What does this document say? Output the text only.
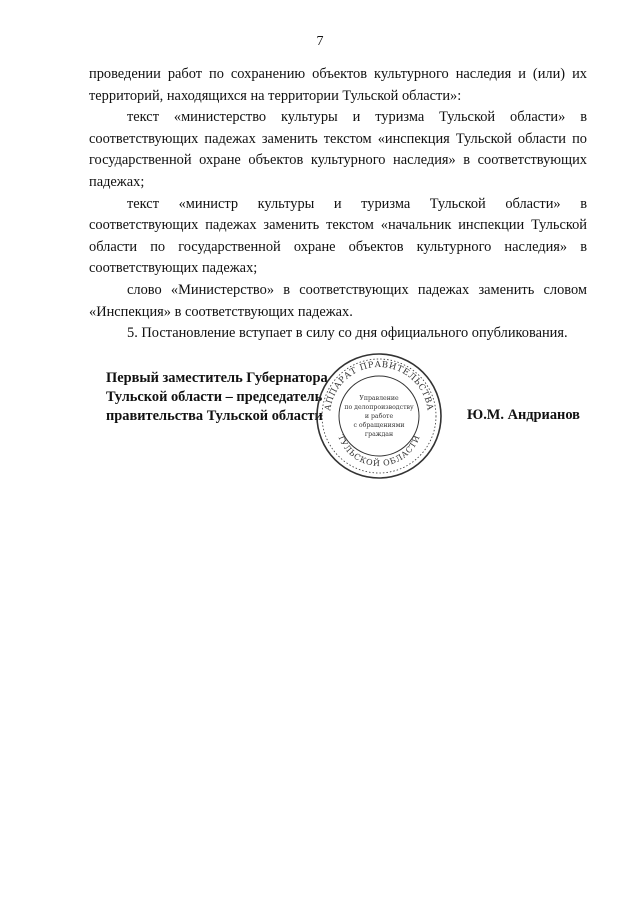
7

проведении работ по сохранению объектов культурного наследия и (или) их территорий, находящихся на территории Тульской области»:

текст «министерство культуры и туризма Тульской области» в соответствующих падежах заменить текстом «инспекция Тульской области по государственной охране объектов культурного наследия» в соответствующих падежах;

текст «министр культуры и туризма Тульской области» в соответствующих падежах заменить текстом «начальник инспекции Тульской области по государственной охране объектов культурного наследия» в соответствующих падежах;

слово «Министерство» в соответствующих падежах заменить словом «Инспекция» в соответствующих падежах.

5. Постановление вступает в силу со дня официального опубликования.

Первый заместитель Губернатора
Тульской области – председатель
правительства Тульской области	Ю.М. Андрианов
АППАРАТ ПРАВИТЕЛЬСТВА
ТУЛЬСКОЙ ОБЛАСТИ
Управление
по делопроизводству
и работе
с обращениями
граждан
